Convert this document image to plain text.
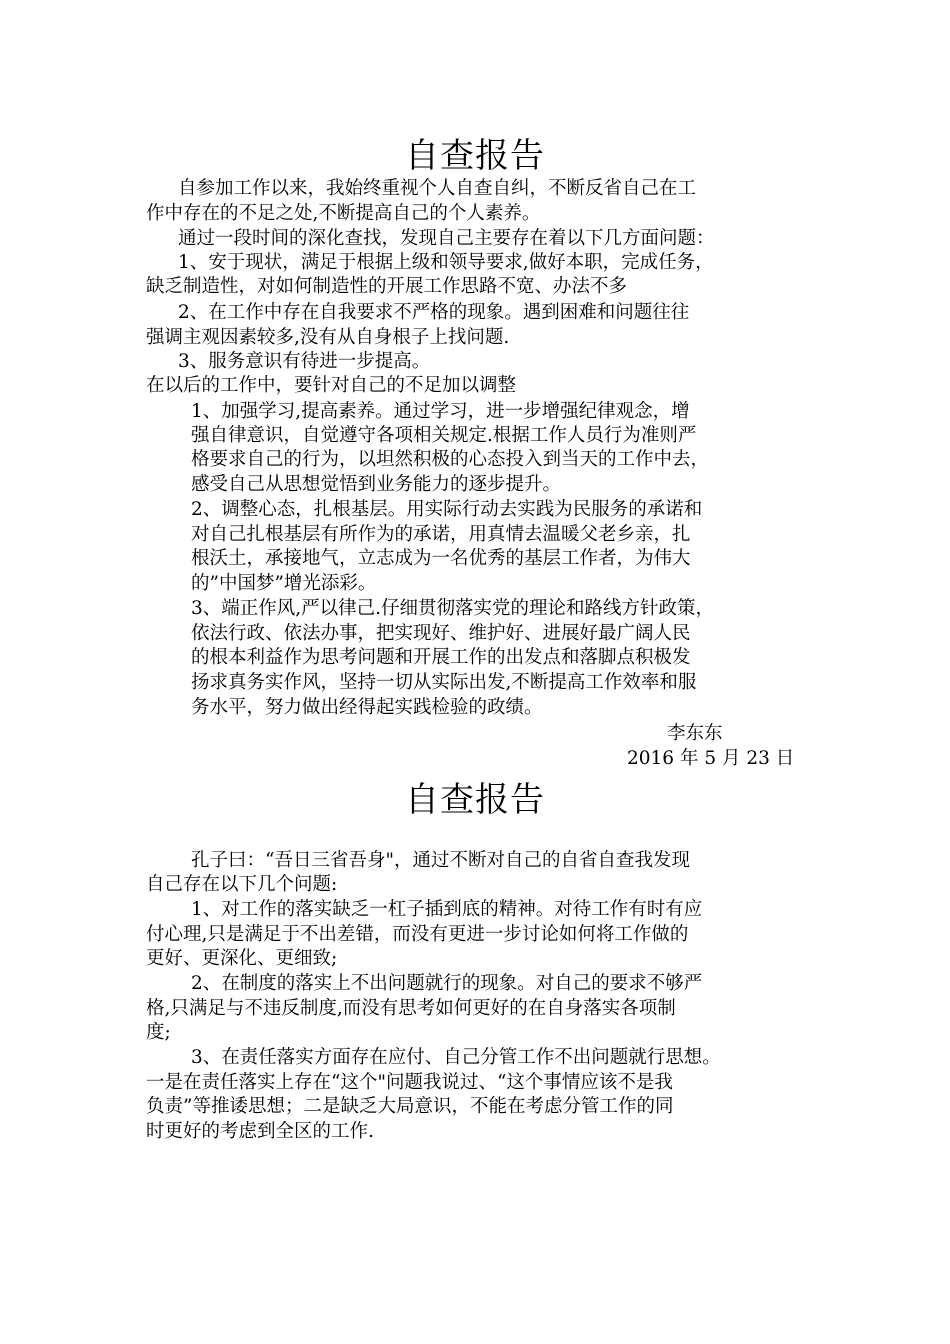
自查报告
自参加工作以来，我始终重视个人自查自纠，不断反省自己在工
作中存在的不足之处,不断提高自己的个人素养。
通过一段时间的深化查找，发现自己主要存在着以下几方面问题：
1、安于现状，满足于根据上级和领导要求,做好本职，完成任务，
缺乏制造性，对如何制造性的开展工作思路不宽、办法不多
2、在工作中存在自我要求不严格的现象。遇到困难和问题往往
强调主观因素较多,没有从自身根子上找问题.
3、服务意识有待进一步提高。
在以后的工作中，要针对自己的不足加以调整
1、加强学习,提高素养。通过学习，进一步增强纪律观念，增
强自律意识，自觉遵守各项相关规定.根据工作人员行为准则严
格要求自己的行为，以坦然积极的心态投入到当天的工作中去，
感受自己从思想觉悟到业务能力的逐步提升。
2、调整心态，扎根基层。用实际行动去实践为民服务的承诺和
对自己扎根基层有所作为的承诺，用真情去温暖父老乡亲，扎
根沃土，承接地气，立志成为一名优秀的基层工作者，为伟大
的”中国梦”增光添彩。
3、端正作风,严以律己.仔细贯彻落实党的理论和路线方针政策，
依法行政、依法办事，把实现好、维护好、进展好最广阔人民
的根本利益作为思考问题和开展工作的出发点和落脚点积极发
扬求真务实作风，坚持一切从实际出发,不断提高工作效率和服
务水平，努力做出经得起实践检验的政绩。
李东东
2016 年 5 月 23 日
自查报告
孔子曰：“吾日三省吾身"，通过不断对自己的自省自查我发现
自己存在以下几个问题:
1、对工作的落实缺乏一杠子插到底的精神。对待工作有时有应
付心理,只是满足于不出差错，而没有更进一步讨论如何将工作做的
更好、更深化、更细致;
2、在制度的落实上不出问题就行的现象。对自己的要求不够严
格,只满足与不违反制度,而没有思考如何更好的在自身落实各项制
度;
3、在责任落实方面存在应付、自己分管工作不出问题就行思想。
一是在责任落实上存在“这个"问题我说过、“这个事情应该不是我
负责”等推诿思想；二是缺乏大局意识，不能在考虑分管工作的同
时更好的考虑到全区的工作.
